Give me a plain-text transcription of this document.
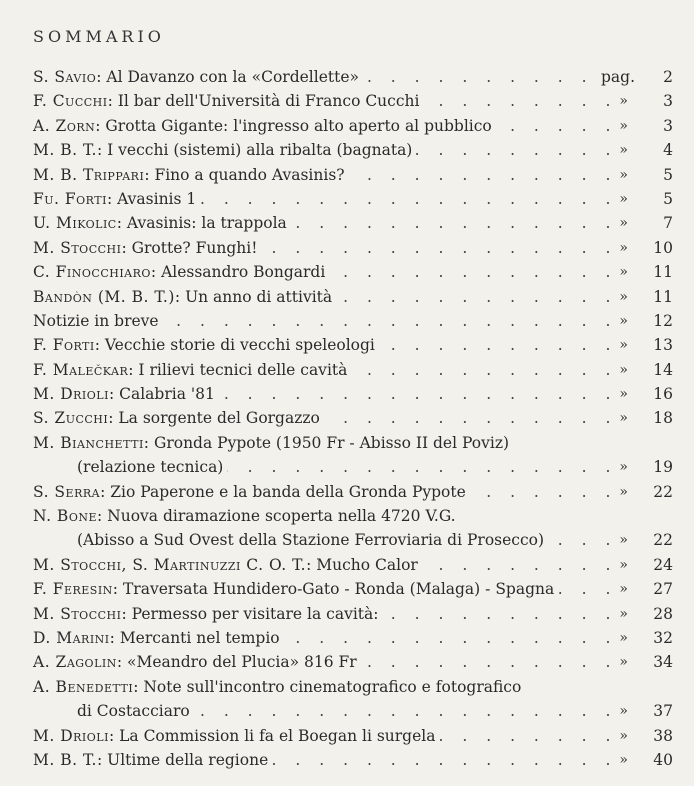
SOMMARIO
S. Savio: Al Davanzo con la «Cordellette» . . .	pag.	2
F. Cucchi: Il bar dell'Università di Franco Cucchi . . .	»	3
A. Zorn: Grotta Gigante: l'ingresso alto aperto al pubblico . . .	»	3
M. B. T.: I vecchi (sistemi) alla ribalta (bagnata) . . .	»	4
M. B. Trippari: Fino a quando Avasinis? . . .	»	5
Fu. Forti: Avasinis 1 . . .	»	5
U. Mikolic: Avasinis: la trappola . . .	»	7
M. Stocchi: Grotte? Funghi! . . .	»	10
C. Finocchiaro: Alessandro Bongardi . . .	»	11
Bandòn (M. B. T.): Un anno di attività . . .	»	11
Notizie in breve . . .	»	12
F. Forti: Vecchie storie di vecchi speleologi . . .	»	13
F. Malečkar: I rilievi tecnici delle cavità . . .	»	14
M. Drioli: Calabria '81 . . .	»	16
S. Zucchi: La sorgente del Gorgazzo . . .	»	18
M. Bianchetti: Gronda Pypote (1950 Fr - Abisso II del Poviz)
(relazione tecnica) . . .	»	19
S. Serra: Zio Paperone e la banda della Gronda Pypote . . .	»	22
N. Bone: Nuova diramazione scoperta nella 4720 V.G.
(Abisso a Sud Ovest della Stazione Ferroviaria di Prosecco) . . .	»	22
M. Stocchi, S. Martinuzzi C. O. T.: Mucho Calor . . .	»	24
F. Feresin: Traversata Hundidero-Gato - Ronda (Malaga) - Spagna . . .	»	27
M. Stocchi: Permesso per visitare la cavità: . . .	»	28
D. Marini: Mercanti nel tempio . . .	»	32
A. Zagolin: «Meandro del Plucia» 816 Fr . . .	»	34
A. Benedetti: Note sull'incontro cinematografico e fotografico
di Costacciaro . . .	»	37
M. Drioli: La Commission li fa el Boegan li surgela . . .	»	38
M. B. T.: Ultime della regione . . .	»	40
